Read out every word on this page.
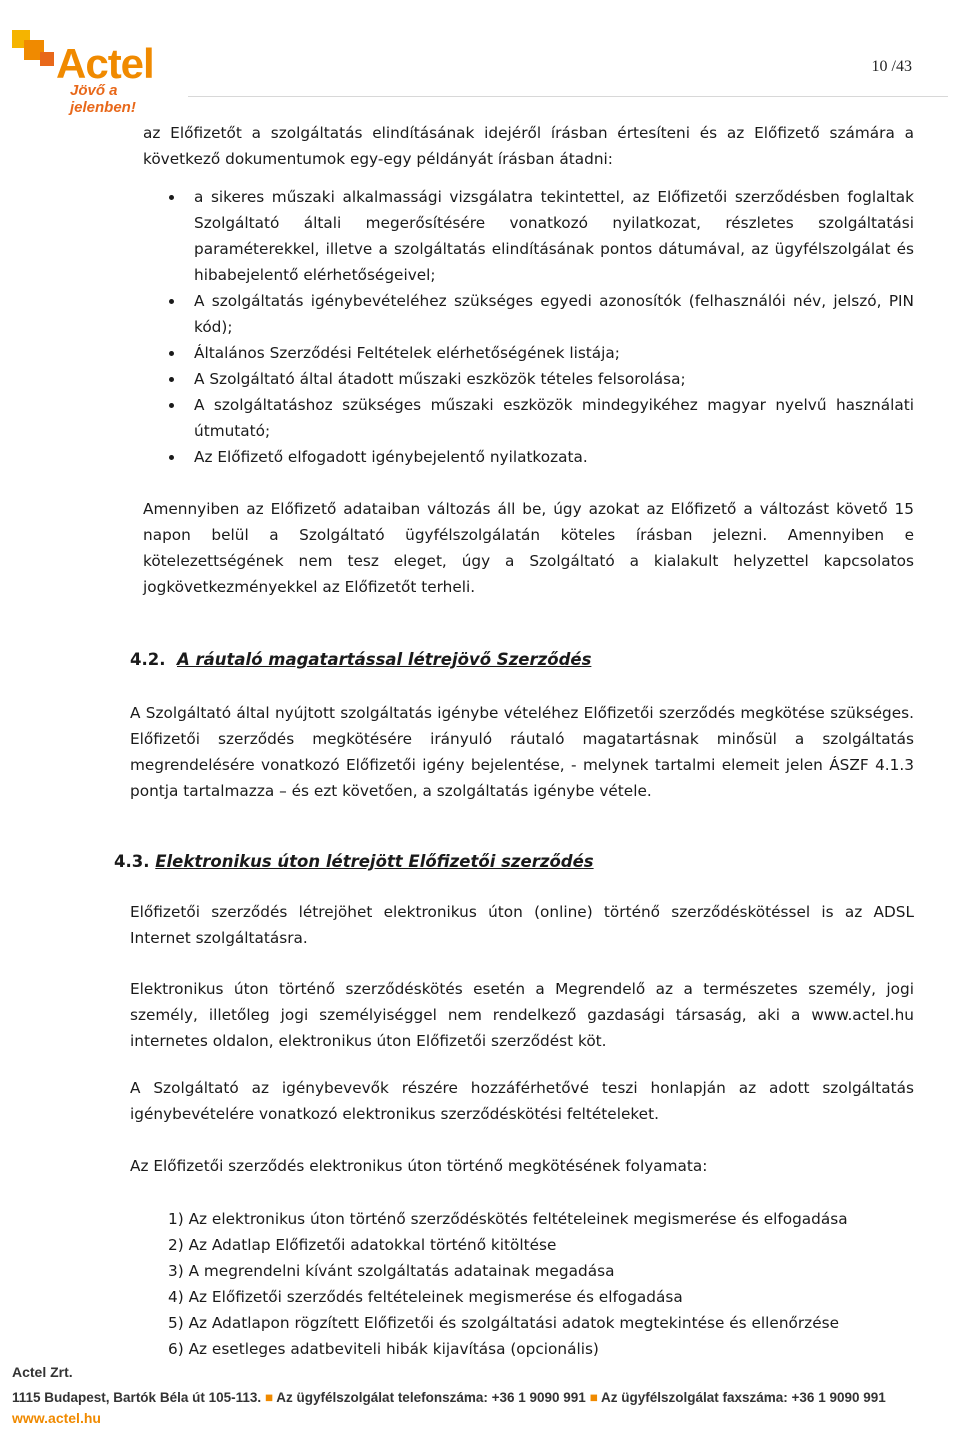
Actel
Jövő a jelenben!
10 /43

az Előfizetőt a szolgáltatás elindításának idejéről írásban értesíteni és az Előfizető számára a következő dokumentumok egy-egy példányát írásban átadni:

a sikeres műszaki alkalmassági vizsgálatra tekintettel, az Előfizetői szerződésben foglaltak Szolgáltató általi megerősítésére vonatkozó nyilatkozat, részletes szolgáltatási paraméterekkel, illetve a szolgáltatás elindításának pontos dátumával, az ügyfélszolgálat és hibabejelentő elérhetőségeivel;

A szolgáltatás igénybevételéhez szükséges egyedi azonosítók (felhasználói név, jelszó, PIN kód);

Általános Szerződési Feltételek elérhetőségének listája;

A Szolgáltató által átadott műszaki eszközök tételes felsorolása;

A szolgáltatáshoz szükséges műszaki eszközök mindegyikéhez magyar nyelvű használati útmutató;

Az Előfizető elfogadott igénybejelentő nyilatkozata.

Amennyiben az Előfizető adataiban változás áll be, úgy azokat az Előfizető a változást követő 15 napon belül a Szolgáltató ügyfélszolgálatán köteles írásban jelezni. Amennyiben e kötelezettségének nem tesz eleget, úgy a Szolgáltató a kialakult helyzettel kapcsolatos jogkövetkezményekkel az Előfizetőt terheli.

4.2. A ráutaló magatartással létrejövő Szerződés

A Szolgáltató által nyújtott szolgáltatás igénybe vételéhez Előfizetői szerződés megkötése szükséges. Előfizetői szerződés megkötésére irányuló ráutaló magatartásnak minősül a szolgáltatás megrendelésére vonatkozó Előfizetői igény bejelentése, - melynek tartalmi elemeit jelen ÁSZF 4.1.3 pontja tartalmazza – és ezt követően, a szolgáltatás igénybe vétele.

4.3. Elektronikus úton létrejött Előfizetői szerződés

Előfizetői szerződés létrejöhet elektronikus úton (online) történő szerződéskötéssel is az ADSL Internet szolgáltatásra.

Elektronikus úton történő szerződéskötés esetén a Megrendelő az a természetes személy, jogi személy, illetőleg jogi személyiséggel nem rendelkező gazdasági társaság, aki a www.actel.hu internetes oldalon, elektronikus úton Előfizetői szerződést köt.

A Szolgáltató az igénybevevők részére hozzáférhetővé teszi honlapján az adott szolgáltatás igénybevételére vonatkozó elektronikus szerződéskötési feltételeket.

Az Előfizetői szerződés elektronikus úton történő megkötésének folyamata:

1) Az elektronikus úton történő szerződéskötés feltételeinek megismerése és elfogadása
2) Az Adatlap Előfizetői adatokkal történő kitöltése
3) A megrendelni kívánt szolgáltatás adatainak megadása
4) Az Előfizetői szerződés feltételeinek megismerése és elfogadása
5) Az Adatlapon rögzített Előfizetői és szolgáltatási adatok megtekintése és ellenőrzése
6) Az esetleges adatbeviteli hibák kijavítása (opcionális)
Actel Zrt.
1115 Budapest, Bartók Béla út 105-113. ■ Az ügyfélszolgálat telefonszáma: +36 1 9090 991 ■ Az ügyfélszolgálat faxszáma: +36 1 9090 991
www.actel.hu
